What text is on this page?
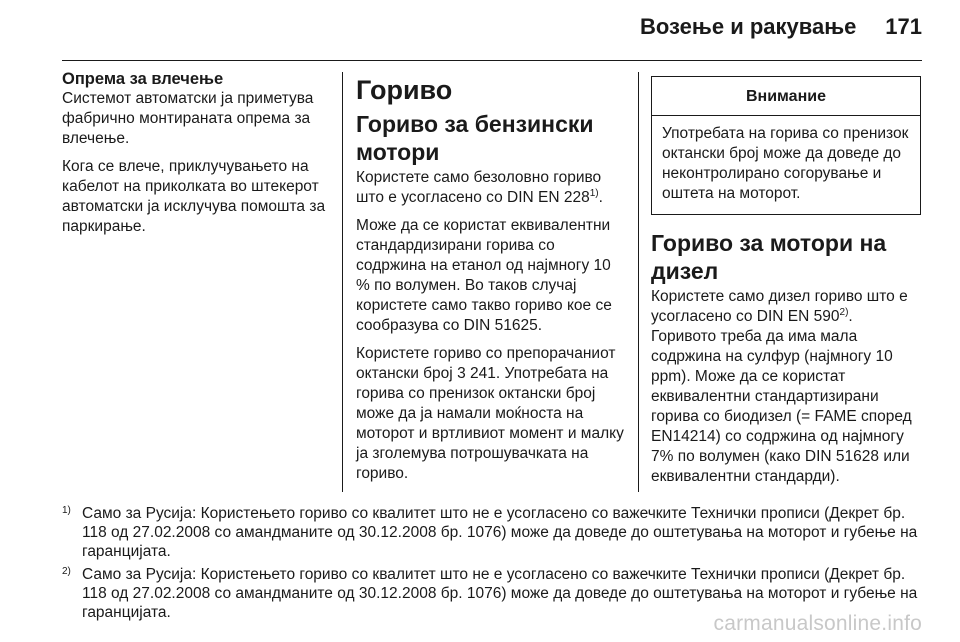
Возење и ракување 171
Опрема за влечење

Системот автоматски ја приметува фабрично монтираната опрема за влечење.

Кога се влече, приклучувањето на кабелот на приколката во штекерот автоматски ја исклучува помошта за паркирање.

Гориво
Гориво за бензински мотори

Користете само безоловно гориво што е усогласено со DIN EN 228$^{1)}$.

Може да се користат еквивалентни стандардизирани горива со содржина на етанол од најмногу 10 % по волумен. Во таков случај користете само такво гориво кое се сообразува со DIN 51625.

Користете гориво со препорачаниот октански број 3 241. Употребата на горива со пренизок октански број може да ја намали моќноста на моторот и вртливиот момент и малку ја зголемува потрошувачката на гориво.

Внимание
Употребата на горива со пренизок октански број може да доведе до неконтролирано согорување и оштета на моторот.
Гориво за мотори на дизел

Користете само дизел гориво што е усогласено со DIN EN 590$^{2)}$. Горивото треба да има мала содржина на сулфур (најмногу 10 ppm). Може да се користат еквивалентни стандартизирани горива со биодизел (= FAME според EN14214) со содржина од најмногу 7% по волумен (како DIN 51628 или еквивалентни стандарди).

1) Само за Русија: Користењето гориво со квалитет што не е усогласено со важечките Технички прописи (Декрет бр. 118 од 27.02.2008 со амандманите од 30.12.2008 бр. 1076) може да доведе до оштетувања на моторот и губење на гаранцијата.
2) Само за Русија: Користењето гориво со квалитет што не е усогласено со важечките Технички прописи (Декрет бр. 118 од 27.02.2008 со амандманите од 30.12.2008 бр. 1076) може да доведе до оштетувања на моторот и губење на гаранцијата.	carmanualsonline.info
